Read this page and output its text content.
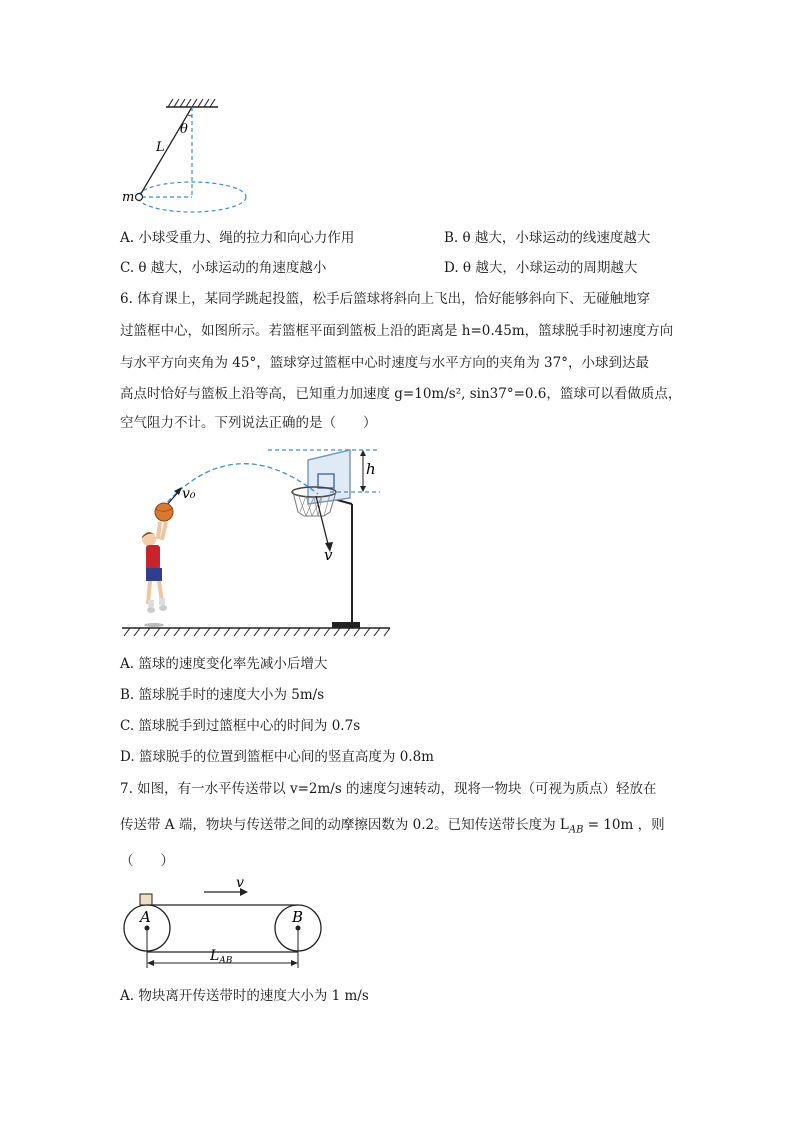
θ
L
m
A. 小球受重力、绳的拉力和向心力作用	B. θ 越大，小球运动的线速度越大
C. θ 越大，小球运动的角速度越小	D. θ 越大，小球运动的周期越大
6. 体育课上，某同学跳起投篮，松手后篮球将斜向上飞出，恰好能够斜向下、无碰触地穿
过篮框中心，如图所示。若篮框平面到篮板上沿的距离是 h=0.45m，篮球脱手时初速度方向
与水平方向夹角为 45°，篮球穿过篮框中心时速度与水平方向的夹角为 37°，小球到达最
高点时恰好与篮板上沿等高，已知重力加速度 g=10m/s², sin37°=0.6，篮球可以看做质点，
空气阻力不计。下列说法正确的是（　　）
h
v₀
v
A. 篮球的速度变化率先减小后增大
B. 篮球脱手时的速度大小为 5m/s
C. 篮球脱手到过篮框中心的时间为 0.7s
D. 篮球脱手的位置到篮框中心间的竖直高度为 0.8m
7. 如图，有一水平传送带以 v=2m/s 的速度匀速转动，现将一物块（可视为质点）轻放在
传送带 A 端，物块与传送带之间的动摩擦因数为 0.2。已知传送带长度为 $L_{AB} = 10m$ ，则
（　　）
v
A	B
$L_{AB}$
A. 物块离开传送带时的速度大小为 1 m/s
